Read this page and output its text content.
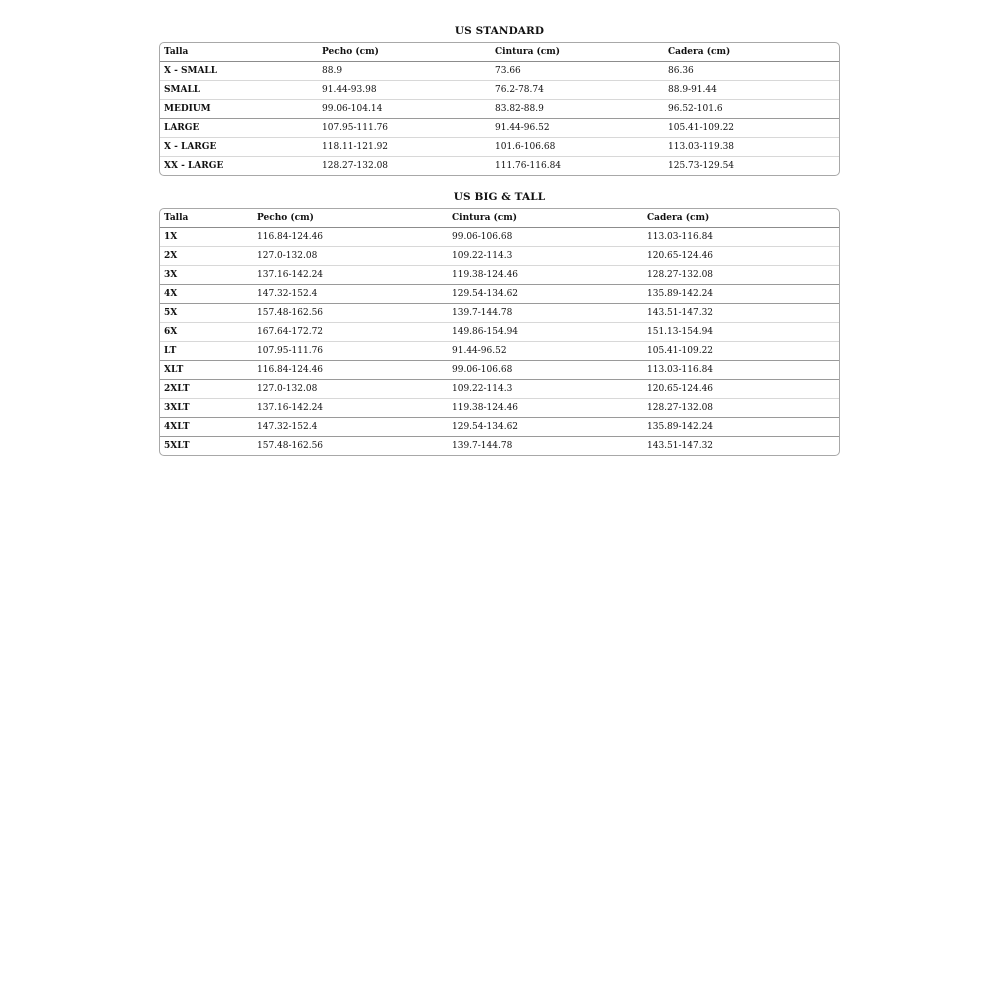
US STANDARD
Talla	Pecho (cm)	Cintura (cm)	Cadera (cm)
X - SMALL	88.9	73.66	86.36
SMALL	91.44-93.98	76.2-78.74	88.9-91.44
MEDIUM	99.06-104.14	83.82-88.9	96.52-101.6
LARGE	107.95-111.76	91.44-96.52	105.41-109.22
X - LARGE	118.11-121.92	101.6-106.68	113.03-119.38
XX - LARGE	128.27-132.08	111.76-116.84	125.73-129.54
US BIG & TALL
Talla	Pecho (cm)	Cintura (cm)	Cadera (cm)
1X	116.84-124.46	99.06-106.68	113.03-116.84
2X	127.0-132.08	109.22-114.3	120.65-124.46
3X	137.16-142.24	119.38-124.46	128.27-132.08
4X	147.32-152.4	129.54-134.62	135.89-142.24
5X	157.48-162.56	139.7-144.78	143.51-147.32
6X	167.64-172.72	149.86-154.94	151.13-154.94
LT	107.95-111.76	91.44-96.52	105.41-109.22
XLT	116.84-124.46	99.06-106.68	113.03-116.84
2XLT	127.0-132.08	109.22-114.3	120.65-124.46
3XLT	137.16-142.24	119.38-124.46	128.27-132.08
4XLT	147.32-152.4	129.54-134.62	135.89-142.24
5XLT	157.48-162.56	139.7-144.78	143.51-147.32
